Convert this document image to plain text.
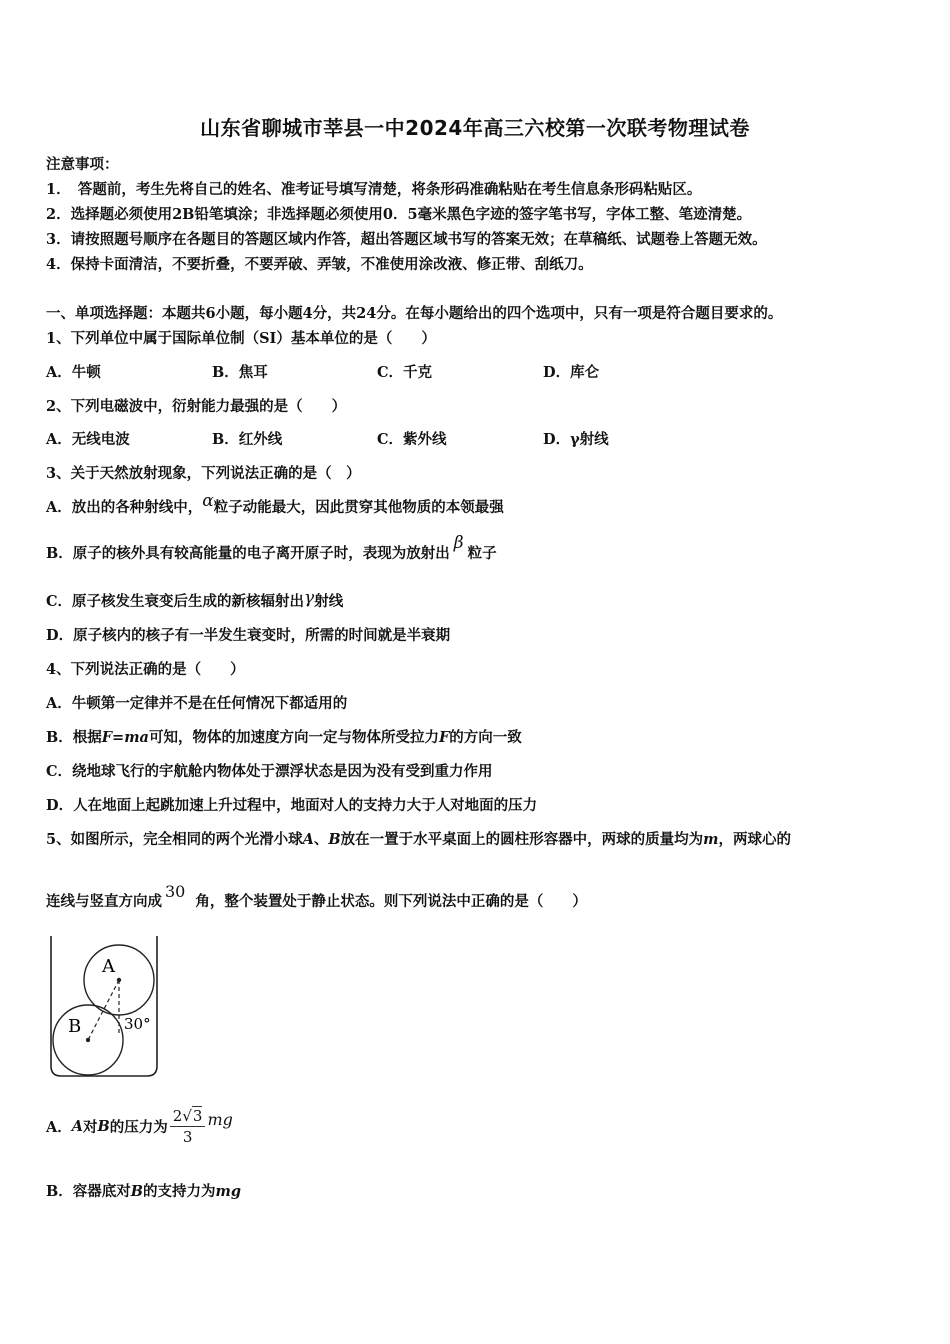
山东省聊城市莘县一中2024年高三六校第一次联考物理试卷
注意事项：
1．　答题前，考生先将自己的姓名、准考证号填写清楚，将条形码准确粘贴在考生信息条形码粘贴区。
2．选择题必须使用2B铅笔填涂；非选择题必须使用0．5毫米黑色字迹的签字笔书写，字体工整、笔迹清楚。
3．请按照题号顺序在各题目的答题区域内作答，超出答题区域书写的答案无效；在草稿纸、试题卷上答题无效。
4．保持卡面清洁，不要折叠，不要弄破、弄皱，不准使用涂改液、修正带、刮纸刀。
一、单项选择题：本题共6小题，每小题4分，共24分。在每小题给出的四个选项中，只有一项是符合题目要求的。
1、下列单位中属于国际单位制（SI）基本单位的是（　　）
A．牛顿	B．焦耳	C．千克	D．库仑
2、下列电磁波中，衍射能力最强的是（　　）
A．无线电波	B．红外线	C．紫外线	D．γ射线
3、关于天然放射现象，下列说法正确的是（　）
A．放出的各种射线中，α粒子动能最大，因此贯穿其他物质的本领最强
B．原子的核外具有较高能量的电子离开原子时，表现为放射出β粒子
C．原子核发生衰变后生成的新核辐射出γ射线
D．原子核内的核子有一半发生衰变时，所需的时间就是半衰期
4、下列说法正确的是（　　）
A．牛顿第一定律并不是在任何情况下都适用的
B．根据F=ma可知，物体的加速度方向一定与物体所受拉力F的方向一致
C．绕地球飞行的宇航舱内物体处于漂浮状态是因为没有受到重力作用
D．人在地面上起跳加速上升过程中，地面对人的支持力大于人对地面的压力
5、如图所示，完全相同的两个光滑小球A、B放在一置于水平桌面上的圆柱形容器中，两球的质量均为m，两球心的
连线与竖直方向成30角，整个装置处于静止状态。则下列说法中正确的是（　　）
A
B	30°
A． A 对 B 的压力为 $\frac{2√3}{3}$ mg
B．容器底对B的支持力为mg
